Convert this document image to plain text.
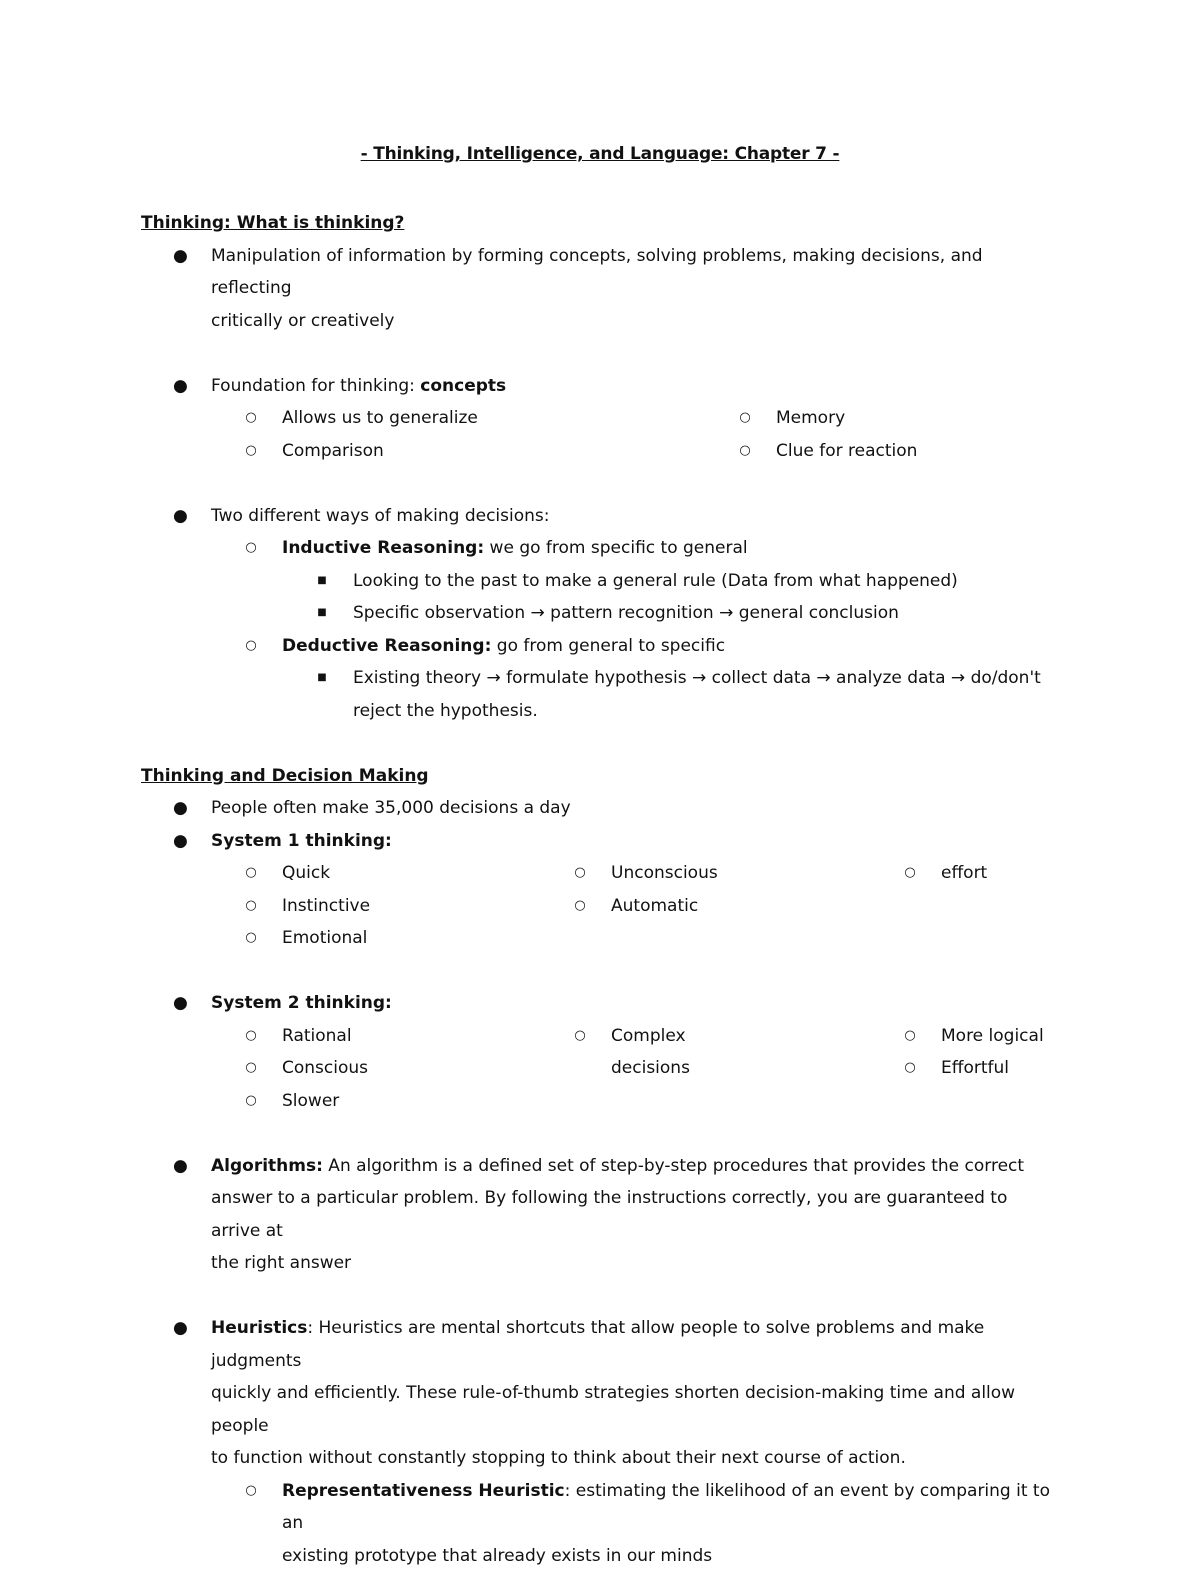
- Thinking, Intelligence, and Language: Chapter 7 -
Thinking: What is thinking?
● Manipulation of information by forming concepts, solving problems, making decisions, and reflecting
critically or creatively
● Foundation for thinking: concepts
○ Allows us to generalize
○ Comparison
○ Memory
○ Clue for reaction
● Two different ways of making decisions:
○ Inductive Reasoning: we go from specific to general
■ Looking to the past to make a general rule (Data from what happened)
■ Specific observation → pattern recognition → general conclusion
○ Deductive Reasoning: go from general to specific
■ Existing theory → formulate hypothesis → collect data → analyze data → do/don't
reject the hypothesis.
Thinking and Decision Making
● People often make 35,000 decisions a day
● System 1 thinking:
○ Quick
○ Instinctive
○ Emotional
○ Unconscious
○ Automatic
○ effort
● System 2 thinking:
○ Rational
○ Conscious
○ Slower
○ Complex
decisions
○ More logical
○ Effortful
● Algorithms: An algorithm is a defined set of step-by-step procedures that provides the correct
answer to a particular problem. By following the instructions correctly, you are guaranteed to arrive at
the right answer
● Heuristics: Heuristics are mental shortcuts that allow people to solve problems and make judgments
quickly and efficiently. These rule-of-thumb strategies shorten decision-making time and allow people
to function without constantly stopping to think about their next course of action.
○ Representativeness Heuristic: estimating the likelihood of an event by comparing it to an
existing prototype that already exists in our minds
